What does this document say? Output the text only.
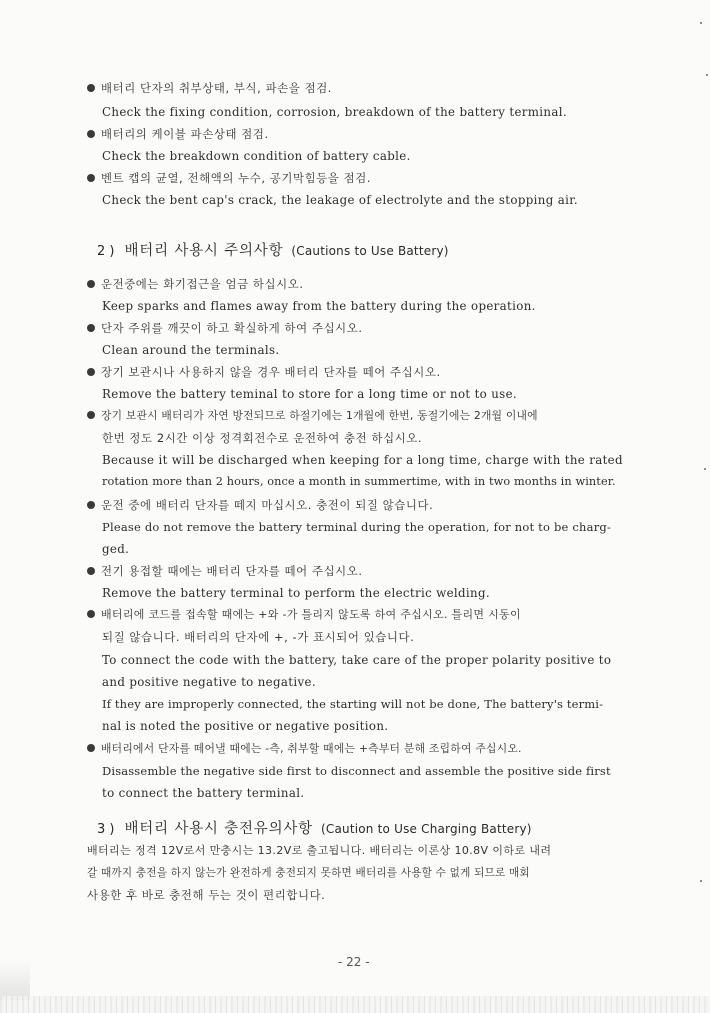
배터리 단자의 취부상태, 부식, 파손을 점검.
Check the fixing condition, corrosion, breakdown of the battery terminal.
배터리의 케이블 파손상태 점검.
Check the breakdown condition of battery cable.
벤트 캡의 균열, 전해액의 누수, 공기막힘등을 점검.
Check the bent cap's crack, the leakage of electrolyte and the stopping air.
2 ) 배터리 사용시 주의사항 (Cautions to Use Battery)
운전중에는 화기접근을 엄금 하십시오.
Keep sparks and flames away from the battery during the operation.
단자 주위를 깨끗이 하고 확실하게 하여 주십시오.
Clean around the terminals.
장기 보관시나 사용하지 않을 경우 배터리 단자를 떼어 주십시오.
Remove the battery teminal to store for a long time or not to use.
장기 보관시 배터리가 자연 방전되므로 하절기에는 1개월에 한번, 동절기에는 2개월 이내에
한번 정도 2시간 이상 정격회전수로 운전하여 충전 하십시오.
Because it will be discharged when keeping for a long time, charge with the rated
rotation more than 2 hours, once a month in summertime, with in two months in winter.
운전 중에 배터리 단자를 떼지 마십시오. 충전이 되질 않습니다.
Please do not remove the battery terminal during the operation, for not to be charg-
ged.
전기 용접할 때에는 배터리 단자를 떼어 주십시오.
Remove the battery terminal to perform the electric welding.
배터리에 코드를 접속할 때에는 +와 -가 틀리지 않도록 하여 주십시오. 틀리면 시동이
되질 않습니다. 배터리의 단자에 +, -가 표시되어 있습니다.
To connect the code with the battery, take care of the proper polarity positive to
and positive negative to negative.
If they are improperly connected, the starting will not be done, The battery's termi-
nal is noted the positive or negative position.
배터리에서 단자를 떼어낼 때에는 -측, 취부할 때에는 +측부터 분해 조립하여 주십시오.
Disassemble the negative side first to disconnect and assemble the positive side first
to connect the battery terminal.
3 ) 배터리 사용시 충전유의사항 (Caution to Use Charging Battery)
배터리는 정격 12V로서 만충시는 13.2V로 출고됩니다. 배터리는 이론상 10.8V 이하로 내려
갈 때까지 충전을 하지 않는가 완전하게 충전되지 못하면 배터리를 사용할 수 없게 되므로 매회
사용한 후 바로 충전해 두는 것이 편리합니다.
- 22 -
